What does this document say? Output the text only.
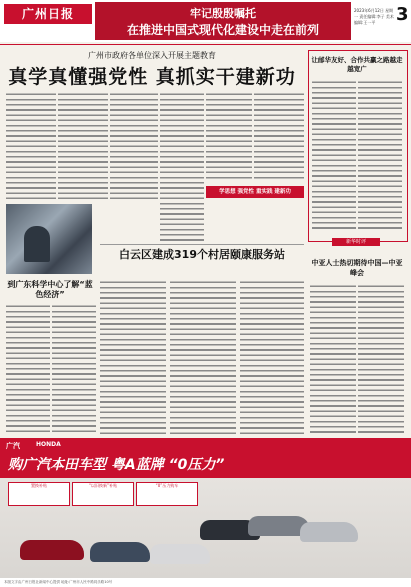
广州日报	牢记殷殷嘱托
在推进中国式现代化建设中走在前列
2023年6月12日 星期一 责任编辑:李子 美术编辑:王一平	3
广州市政府各单位深入开展主题教育
真学真懂强党性 真抓实干建新功
学思想 强党性 重实践 建新功
让邮华友好、合作共赢之路越走越宽广
新华时评
中亚人士热切期待中国—中亚峰会
到广东科学中心了解“蓝色经济”
白云区建成319个村居颐康服务站
广汽	HONDA
购广汽本田车型 粤A蓝牌 “0压力”
置换补贴	“以旧换新”补贴	“0”压力购车
本版文字由广州日报社新闻中心提供 地址:广州市人民中路同乐路10号
